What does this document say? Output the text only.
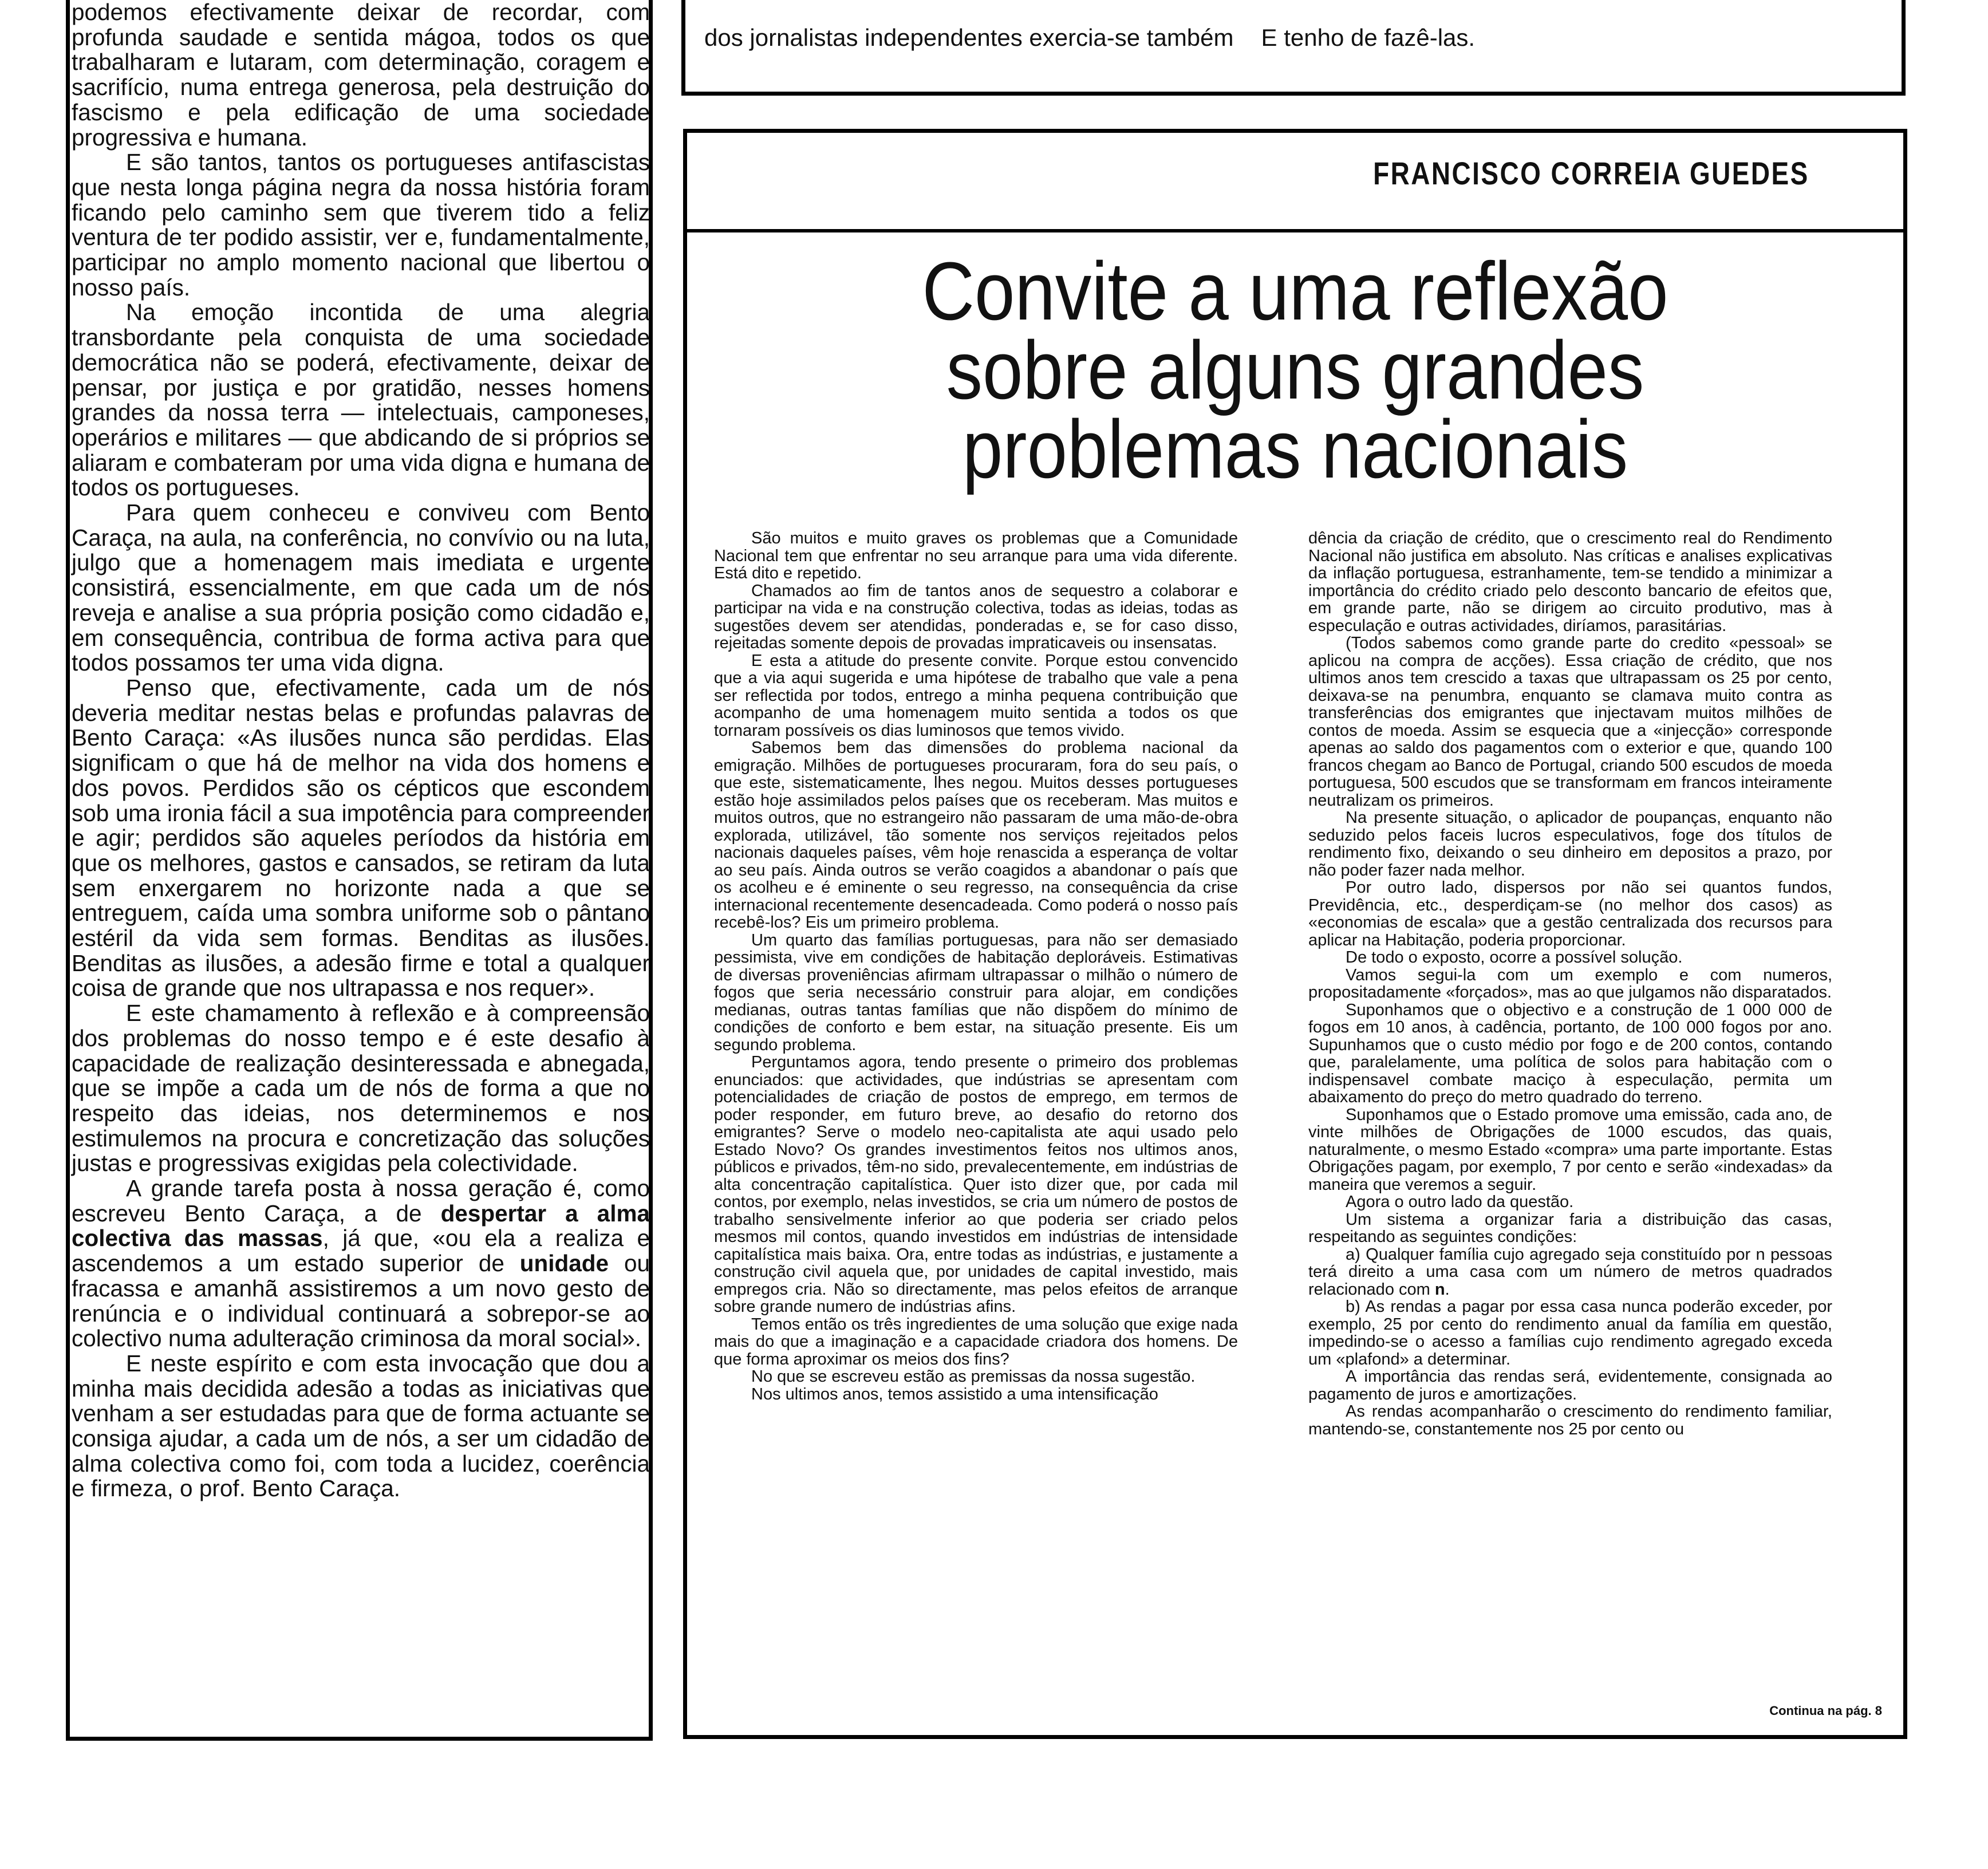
podemos efectivamente deixar de recordar, com profunda saudade e sentida mágoa, todos os que trabalharam e lutaram, com determinação, coragem e sacrifício, numa entrega generosa, pela destruição do fascismo e pela edificação de uma sociedade progressiva e humana.

E são tantos, tantos os portugueses antifascistas que nesta longa página negra da nossa história foram ficando pelo caminho sem que tiverem tido a feliz ventura de ter podido assistir, ver e, fundamentalmente, participar no amplo momento nacional que libertou o nosso país.

Na emoção incontida de uma alegria transbordante pela conquista de uma sociedade democrática não se poderá, efectivamente, deixar de pensar, por justiça e por gratidão, nesses homens grandes da nossa terra — intelectuais, camponeses, operários e militares — que abdicando de si próprios se aliaram e combateram por uma vida digna e humana de todos os portugueses.

Para quem conheceu e conviveu com Bento Caraça, na aula, na conferência, no convívio ou na luta, julgo que a homenagem mais imediata e urgente consistirá, essencialmente, em que cada um de nós reveja e analise a sua própria posição como cidadão e, em consequência, contribua de forma activa para que todos possamos ter uma vida digna.

Penso que, efectivamente, cada um de nós deveria meditar nestas belas e profundas palavras de Bento Caraça: «As ilusões nunca são perdidas. Elas significam o que há de melhor na vida dos homens e dos povos. Perdidos são os cépticos que escondem sob uma ironia fácil a sua impotência para compreender e agir; perdidos são aqueles períodos da história em que os melhores, gastos e cansados, se retiram da luta sem enxergarem no horizonte nada a que se entreguem, caída uma sombra uniforme sob o pântano estéril da vida sem formas. Benditas as ilusões. Benditas as ilusões, a adesão firme e total a qualquer coisa de grande que nos ultrapassa e nos requer».

E este chamamento à reflexão e à compreensão dos problemas do nosso tempo e é este desafio à capacidade de realização desinteressada e abnegada, que se impõe a cada um de nós de forma a que no respeito das ideias, nos determinemos e nos estimulemos na procura e concretização das soluções justas e progressivas exigidas pela colectividade.

A grande tarefa posta à nossa geração é, como escreveu Bento Caraça, a de despertar a alma colectiva das massas, já que, «ou ela a realiza e ascendemos a um estado superior de unidade ou fracassa e amanhã assistiremos a um novo gesto de renúncia e o individual continuará a sobrepor-se ao colectivo numa adulteração criminosa da moral social».

E neste espírito e com esta invocação que dou a minha mais decidida adesão a todas as iniciativas que venham a ser estudadas para que de forma actuante se consiga ajudar, a cada um de nós, a ser um cidadão de alma colectiva como foi, com toda a lucidez, coerência e firmeza, o prof. Bento Caraça.

dos jornalistas independentes exercia-se também E tenho de fazê-las.
FRANCISCO CORREIA GUEDES
Convite a uma reflexão
sobre alguns grandes
problemas nacionais

São muitos e muito graves os problemas que a Comunidade Nacional tem que enfrentar no seu arranque para uma vida diferente. Está dito e repetido.

Chamados ao fim de tantos anos de sequestro a colaborar e participar na vida e na construção colectiva, todas as ideias, todas as sugestões devem ser atendidas, ponderadas e, se for caso disso, rejeitadas somente depois de provadas impraticaveis ou insensatas.

E esta a atitude do presente convite. Porque estou convencido que a via aqui sugerida e uma hipótese de trabalho que vale a pena ser reflectida por todos, entrego a minha pequena contribuição que acompanho de uma homenagem muito sentida a todos os que tornaram possíveis os dias luminosos que temos vivido.

Sabemos bem das dimensões do problema nacional da emigração. Milhões de portugueses procuraram, fora do seu país, o que este, sistematicamente, lhes negou. Muitos desses portugueses estão hoje assimilados pelos países que os receberam. Mas muitos e muitos outros, que no estrangeiro não passaram de uma mão-de-obra explorada, utilizável, tão somente nos serviços rejeitados pelos nacionais daqueles países, vêm hoje renascida a esperança de voltar ao seu país. Ainda outros se verão coagidos a abandonar o país que os acolheu e é eminente o seu regresso, na consequência da crise internacional recentemente desencadeada. Como poderá o nosso país recebê-los? Eis um primeiro problema.

Um quarto das famílias portuguesas, para não ser demasiado pessimista, vive em condições de habitação deploráveis. Estimativas de diversas proveniências afirmam ultrapassar o milhão o número de fogos que seria necessário construir para alojar, em condições medianas, outras tantas famílias que não dispõem do mínimo de condições de conforto e bem estar, na situação presente. Eis um segundo problema.

Perguntamos agora, tendo presente o primeiro dos problemas enunciados: que actividades, que indústrias se apresentam com potencialidades de criação de postos de emprego, em termos de poder responder, em futuro breve, ao desafio do retorno dos emigrantes? Serve o modelo neo-capitalista ate aqui usado pelo Estado Novo? Os grandes investimentos feitos nos ultimos anos, públicos e privados, têm-no sido, prevalecentemente, em indústrias de alta concentração capitalística. Quer isto dizer que, por cada mil contos, por exemplo, nelas investidos, se cria um número de postos de trabalho sensivelmente inferior ao que poderia ser criado pelos mesmos mil contos, quando investidos em indústrias de intensidade capitalística mais baixa. Ora, entre todas as indústrias, e justamente a construção civil aquela que, por unidades de capital investido, mais empregos cria. Não so directamente, mas pelos efeitos de arranque sobre grande numero de indústrias afins.

Temos então os três ingredientes de uma solução que exige nada mais do que a imaginação e a capacidade criadora dos homens. De que forma aproximar os meios dos fins?

No que se escreveu estão as premissas da nossa sugestão.

Nos ultimos anos, temos assistido a uma intensificação

dência da criação de crédito, que o crescimento real do Rendimento Nacional não justifica em absoluto. Nas críticas e analises explicativas da inflação portuguesa, estranhamente, tem-se tendido a minimizar a importância do crédito criado pelo desconto bancario de efeitos que, em grande parte, não se dirigem ao circuito produtivo, mas à especulação e outras actividades, diríamos, parasitárias.

(Todos sabemos como grande parte do credito «pessoal» se aplicou na compra de acções). Essa criação de crédito, que nos ultimos anos tem crescido a taxas que ultrapassam os 25 por cento, deixava-se na penumbra, enquanto se clamava muito contra as transferências dos emigrantes que injectavam muitos milhões de contos de moeda. Assim se esquecia que a «injecção» corresponde apenas ao saldo dos pagamentos com o exterior e que, quando 100 francos chegam ao Banco de Portugal, criando 500 escudos de moeda portuguesa, 500 escudos que se transformam em francos inteiramente neutralizam os primeiros.

Na presente situação, o aplicador de poupanças, enquanto não seduzido pelos faceis lucros especulativos, foge dos títulos de rendimento fixo, deixando o seu dinheiro em depositos a prazo, por não poder fazer nada melhor.

Por outro lado, dispersos por não sei quantos fundos, Previdência, etc., desperdiçam-se (no melhor dos casos) as «economias de escala» que a gestão centralizada dos recursos para aplicar na Habitação, poderia proporcionar.

De todo o exposto, ocorre a possível solução.

Vamos segui-la com um exemplo e com numeros, propositadamente «forçados», mas ao que julgamos não disparatados.

Suponhamos que o objectivo e a construção de 1 000 000 de fogos em 10 anos, à cadência, portanto, de 100 000 fogos por ano. Supunhamos que o custo médio por fogo e de 200 contos, contando que, paralelamente, uma política de solos para habitação com o indispensavel combate maciço à especulação, permita um abaixamento do preço do metro quadrado do terreno.

Suponhamos que o Estado promove uma emissão, cada ano, de vinte milhões de Obrigações de 1000 escudos, das quais, naturalmente, o mesmo Estado «compra» uma parte importante. Estas Obrigações pagam, por exemplo, 7 por cento e serão «indexadas» da maneira que veremos a seguir.

Agora o outro lado da questão.

Um sistema a organizar faria a distribuição das casas, respeitando as seguintes condições:

a) Qualquer família cujo agregado seja constituído por n pessoas terá direito a uma casa com um número de metros quadrados relacionado com n.

b) As rendas a pagar por essa casa nunca poderão exceder, por exemplo, 25 por cento do rendimento anual da família em questão, impedindo-se o acesso a famílias cujo rendimento agregado exceda um «plafond» a determinar.

A importância das rendas será, evidentemente, consignada ao pagamento de juros e amortizações.

As rendas acompanharão o crescimento do rendimento familiar, mantendo-se, constantemente nos 25 por cento ou

Continua na pág. 8
